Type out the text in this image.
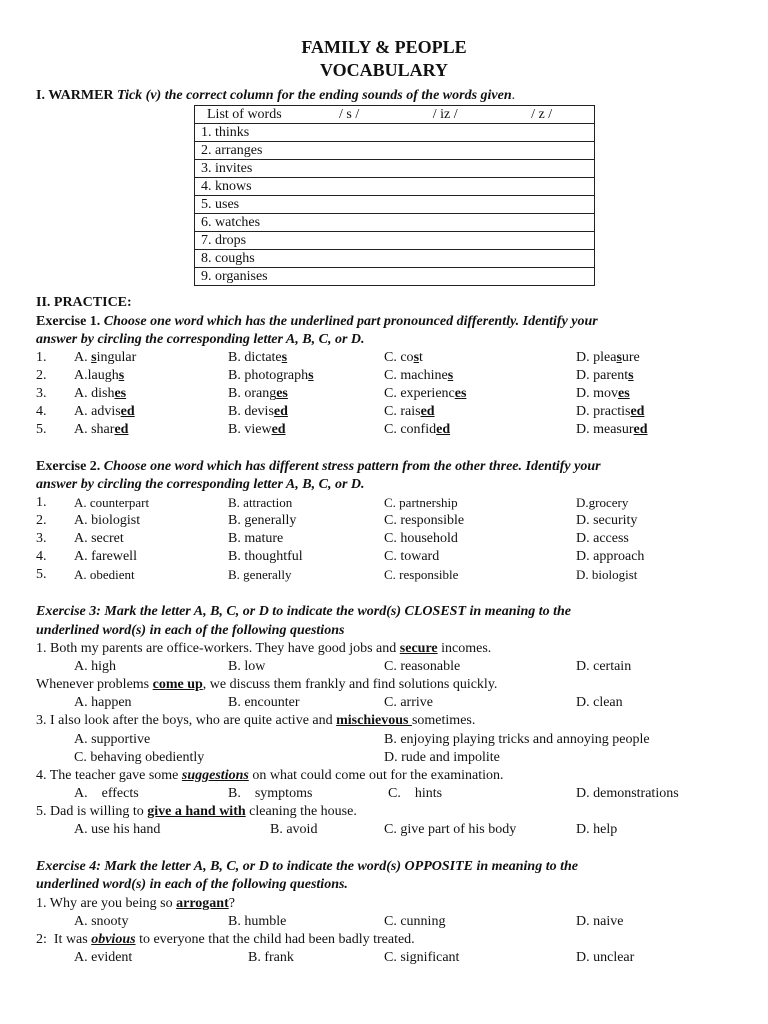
FAMILY & PEOPLE
VOCABULARY
I. WARMER Tick (v) the correct column for the ending sounds of the words given.
List of words	/ s / / iz / / z /
1. thinks	
2. arranges	
3. invites	
4. knows	
5. uses	
6. watches	
7. drops	
8. coughs	
9. organises	
II. PRACTICE:
Exercise 1. Choose one word which has the underlined part pronounced differently. Identify your
answer by circling the corresponding letter A, B, C, or D.
1. A. singular	B. dictates	C. cost	D. pleasure
2. A.laughs	B. photographs	C. machines	D. parents
3. A. dishes	B. oranges	C. experiences	D. moves
4. A. advised	B. devised	C. raised	D. practised
5. A. shared	B. viewed	C. confided	D. measured
Exercise 2. Choose one word which has different stress pattern from the other three. Identify your
answer by circling the corresponding letter A, B, C, or D.
1. A. counterpart	B. attraction	C. partnership	D.grocery
2. A. biologist	B. generally	C. responsible	D. security
3. A. secret	B. mature	C. household	D. access
4. A. farewell	B. thoughtful	C. toward	D. approach
5. A. obedient	B. generally	C. responsible	D. biologist
Exercise 3: Mark the letter A, B, C, or D to indicate the word(s) CLOSEST in meaning to the
underlined word(s) in each of the following questions
1. Both my parents are office-workers. They have good jobs and secure incomes.
A. high	B. low	C. reasonable	D. certain
Whenever problems come up, we discuss them frankly and find solutions quickly.
A. happen	B. encounter	C. arrive	D. clean
3. I also look after the boys, who are quite active and mischievous sometimes.
A. supportive	B. enjoying playing tricks and annoying people
C. behaving obediently	D. rude and impolite
4. The teacher gave some suggestions on what could come out for the examination.
A.    effects	B.    symptoms	C.    hints	D. demonstrations
5. Dad is willing to give a hand with cleaning the house.
A. use his hand	B. avoid	C. give part of his body	D. help
Exercise 4: Mark the letter A, B, C, or D to indicate the word(s) OPPOSITE in meaning to the
underlined word(s) in each of the following questions.
1. Why are you being so arrogant?
A. snooty	B. humble	C. cunning	D. naive
2:  It was obvious to everyone that the child had been badly treated.
A. evident	B. frank	C. significant	D. unclear
